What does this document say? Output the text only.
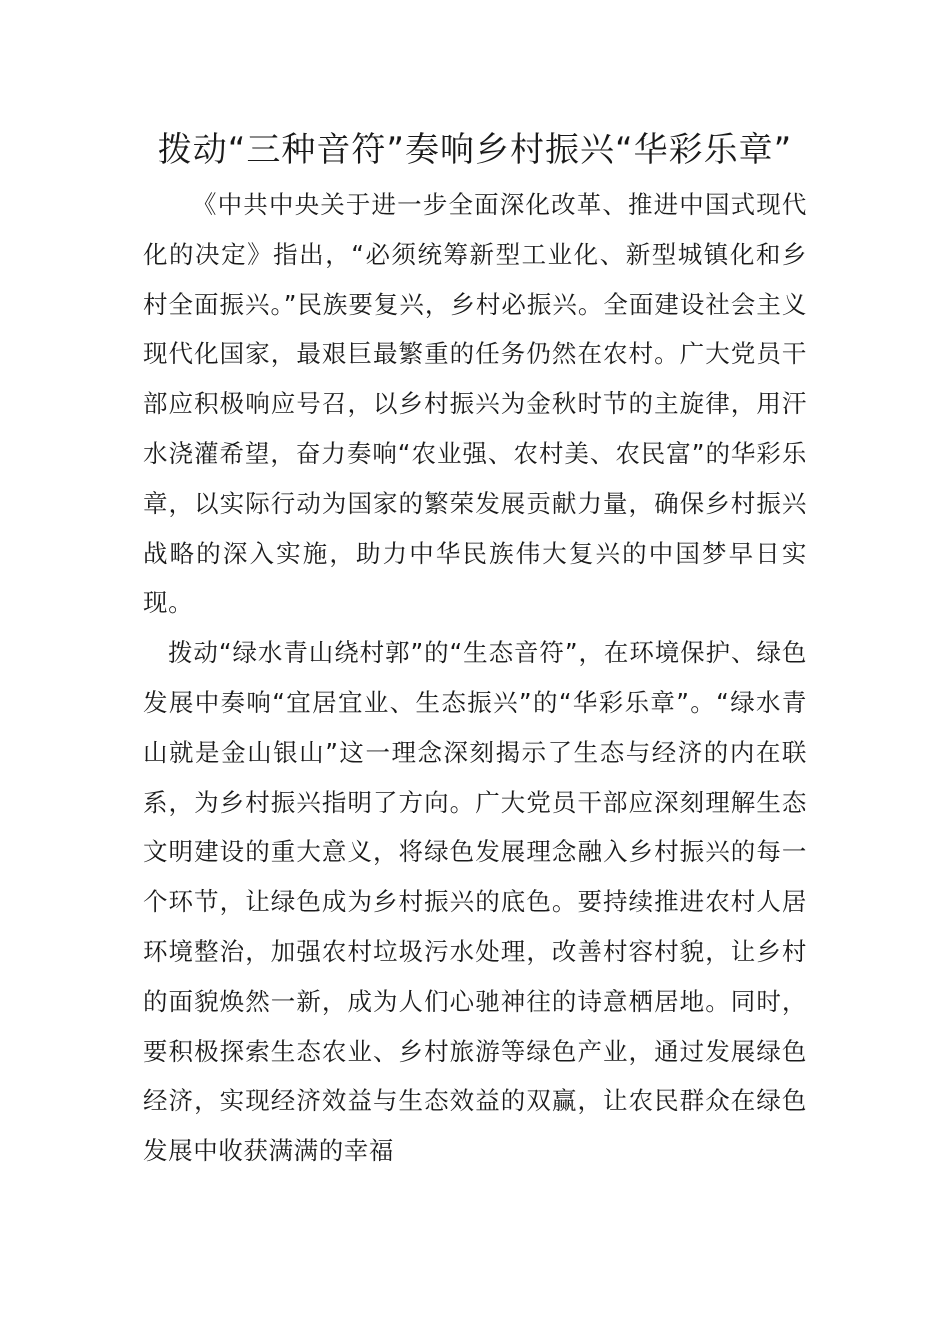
拨动“三种音符”奏响乡村振兴“华彩乐章”

《中共中央关于进一步全面深化改革、推进中国式现代化的决定》指出，“必须统筹新型工业化、新型城镇化和乡村全面振兴。”民族要复兴，乡村必振兴。全面建设社会主义现代化国家，最艰巨最繁重的任务仍然在农村。广大党员干部应积极响应号召，以乡村振兴为金秋时节的主旋律，用汗水浇灌希望，奋力奏响“农业强、农村美、农民富”的华彩乐章，以实际行动为国家的繁荣发展贡献力量，确保乡村振兴战略的深入实施，助力中华民族伟大复兴的中国梦早日实现。

拨动“绿水青山绕村郭”的“生态音符”，在环境保护、绿色发展中奏响“宜居宜业、生态振兴”的“华彩乐章”。“绿水青山就是金山银山”这一理念深刻揭示了生态与经济的内在联系，为乡村振兴指明了方向。广大党员干部应深刻理解生态文明建设的重大意义，将绿色发展理念融入乡村振兴的每一个环节，让绿色成为乡村振兴的底色。要持续推进农村人居环境整治，加强农村垃圾污水处理，改善村容村貌，让乡村的面貌焕然一新，成为人们心驰神往的诗意栖居地。同时，要积极探索生态农业、乡村旅游等绿色产业，通过发展绿色经济，实现经济效益与生态效益的双赢，让农民群众在绿色发展中收获满满的幸福
